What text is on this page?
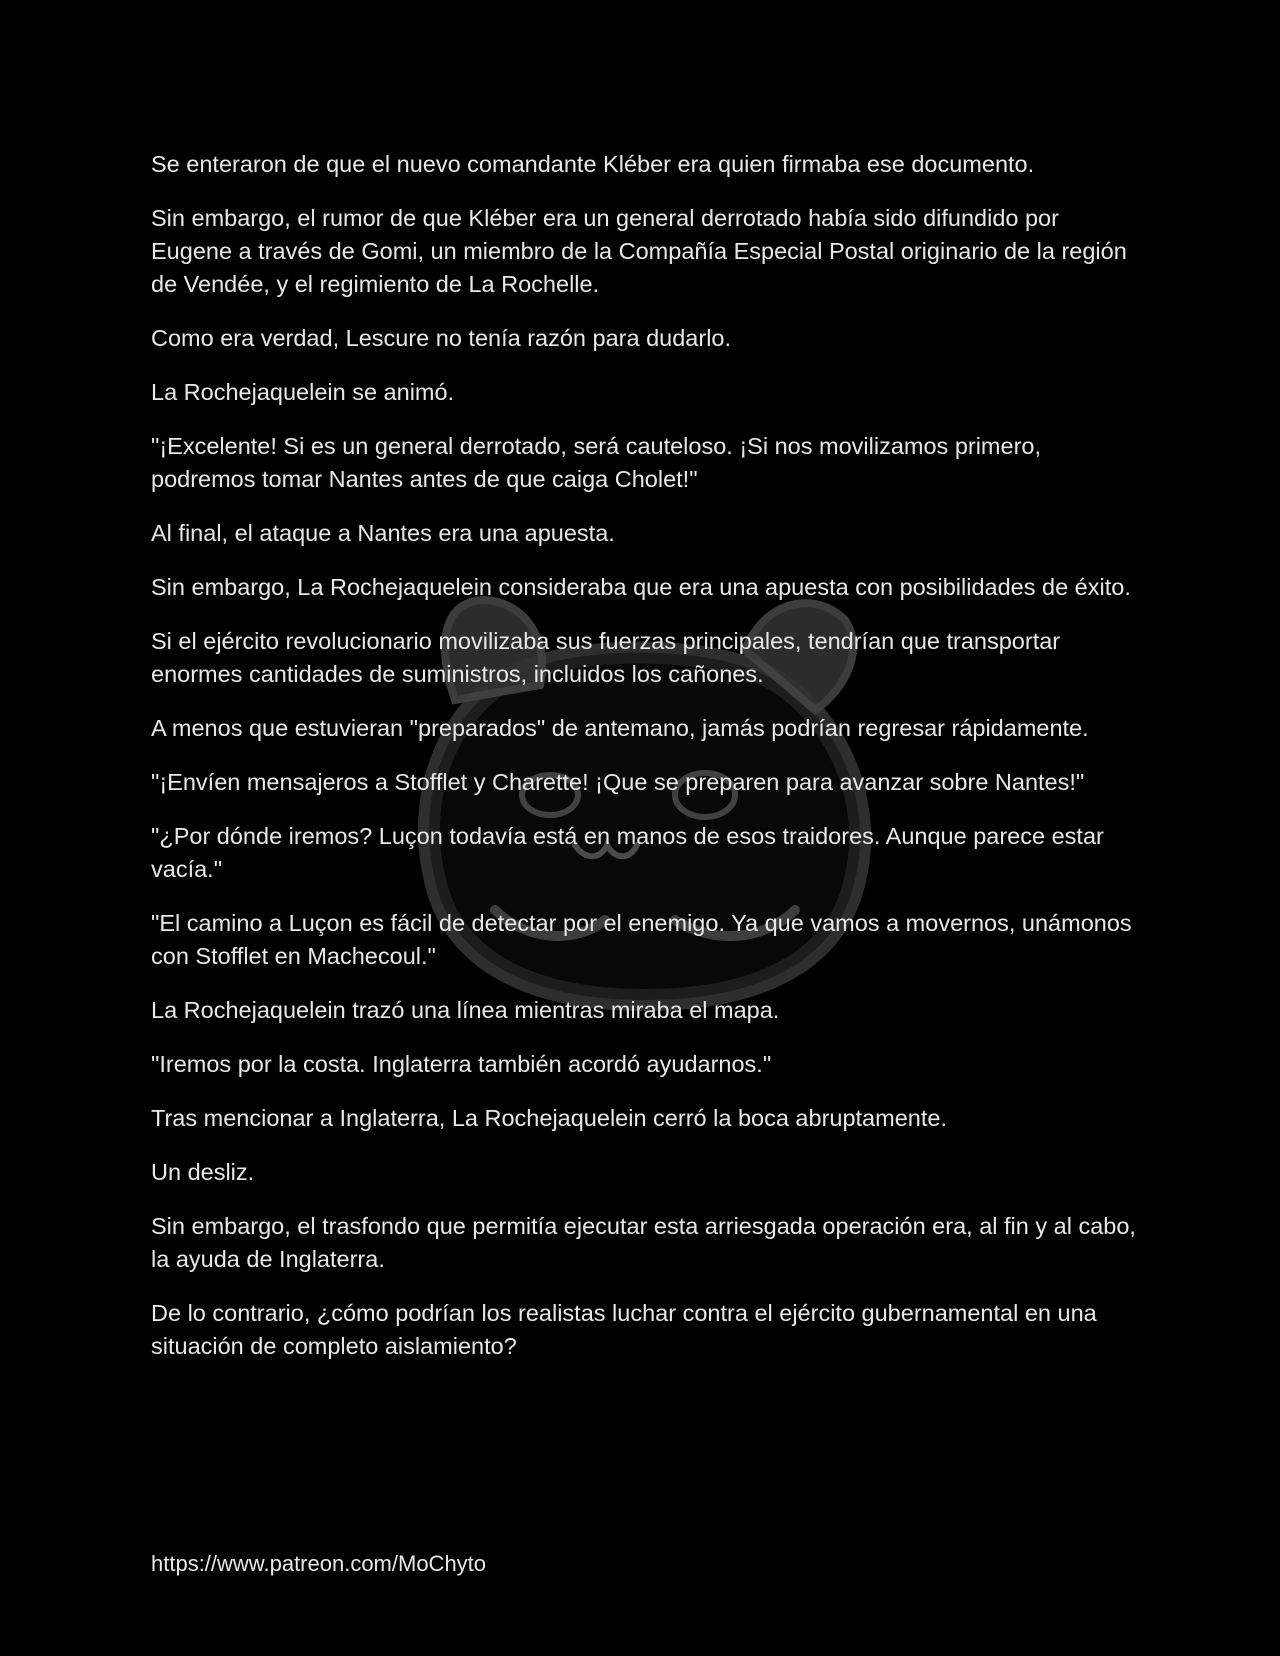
Se enteraron de que el nuevo comandante Kléber era quien firmaba ese documento.

Sin embargo, el rumor de que Kléber era un general derrotado había sido difundido por Eugene a través de Gomi, un miembro de la Compañía Especial Postal originario de la región de Vendée, y el regimiento de La Rochelle.

Como era verdad, Lescure no tenía razón para dudarlo.

La Rochejaquelein se animó.

"¡Excelente! Si es un general derrotado, será cauteloso. ¡Si nos movilizamos primero, podremos tomar Nantes antes de que caiga Cholet!"

Al final, el ataque a Nantes era una apuesta.

Sin embargo, La Rochejaquelein consideraba que era una apuesta con posibilidades de éxito.

Si el ejército revolucionario movilizaba sus fuerzas principales, tendrían que transportar enormes cantidades de suministros, incluidos los cañones.

A menos que estuvieran "preparados" de antemano, jamás podrían regresar rápidamente.

"¡Envíen mensajeros a Stofflet y Charette! ¡Que se preparen para avanzar sobre Nantes!"

"¿Por dónde iremos? Luçon todavía está en manos de esos traidores. Aunque parece estar vacía."

"El camino a Luçon es fácil de detectar por el enemigo. Ya que vamos a movernos, unámonos con Stofflet en Machecoul."

La Rochejaquelein trazó una línea mientras miraba el mapa.

"Iremos por la costa. Inglaterra también acordó ayudarnos."

Tras mencionar a Inglaterra, La Rochejaquelein cerró la boca abruptamente.

Un desliz.

Sin embargo, el trasfondo que permitía ejecutar esta arriesgada operación era, al fin y al cabo, la ayuda de Inglaterra.

De lo contrario, ¿cómo podrían los realistas luchar contra el ejército gubernamental en una situación de completo aislamiento?

https://www.patreon.com/MoChyto
